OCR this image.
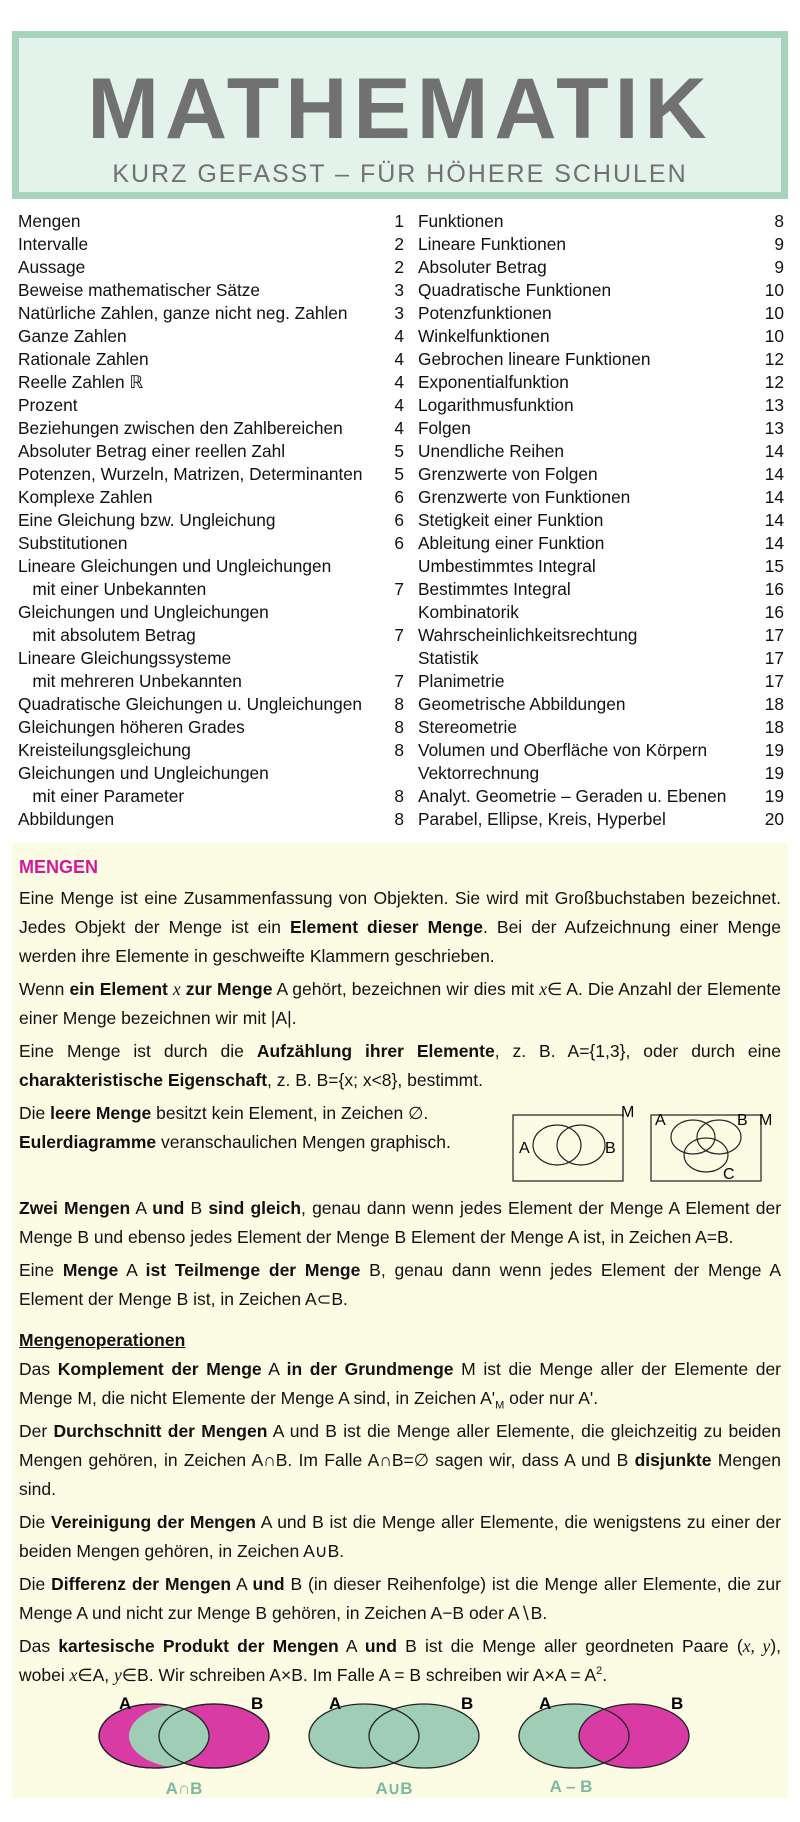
MATHEMATIK
KURZ GEFASST – FÜR HÖHERE SCHULEN
Mengen	1
Intervalle	2
Aussage	2
Beweise mathematischer Sätze	3
Natürliche Zahlen, ganze nicht neg. Zahlen	3
Ganze Zahlen	4
Rationale Zahlen	4
Reelle Zahlen ℝ	4
Prozent	4
Beziehungen zwischen den Zahlbereichen	4
Absoluter Betrag einer reellen Zahl	5
Potenzen, Wurzeln, Matrizen, Determinanten	5
Komplexe Zahlen	6
Eine Gleichung bzw. Ungleichung	6
Substitutionen	6
Lineare Gleichungen und Ungleichungen
mit einer Unbekannten	7
Gleichungen und Ungleichungen
mit absolutem Betrag	7
Lineare Gleichungssysteme
mit mehreren Unbekannten	7
Quadratische Gleichungen u. Ungleichungen	8
Gleichungen höheren Grades	8
Kreisteilungsgleichung	8
Gleichungen und Ungleichungen
mit einer Parameter	8
Abbildungen	8
Funktionen	8
Lineare Funktionen	9
Absoluter Betrag	9
Quadratische Funktionen	10
Potenzfunktionen	10
Winkelfunktionen	10
Gebrochen lineare Funktionen	12
Exponentialfunktion	12
Logarithmusfunktion	13
Folgen	13
Unendliche Reihen	14
Grenzwerte von Folgen	14
Grenzwerte von Funktionen	14
Stetigkeit einer Funktion	14
Ableitung einer Funktion	14
Umbestimmtes Integral	15
Bestimmtes Integral	16
Kombinatorik	16
Wahrscheinlichkeitsrechtung	17
Statistik	17
Planimetrie	17
Geometrische Abbildungen	18
Stereometrie	18
Volumen und Oberfläche von Körpern	19
Vektorrechnung	19
Analyt. Geometrie – Geraden u. Ebenen 19
Parabel, Ellipse, Kreis, Hyperbel	20
MENGEN

Eine Menge ist eine Zusammenfassung von Objekten. Sie wird mit Großbuchstaben bezeichnet. Jedes Objekt der Menge ist ein Element dieser Menge. Bei der Aufzeichnung einer Menge werden ihre Elemente in geschweifte Klammern geschrieben.

Wenn ein Element x zur Menge A gehört, bezeichnen wir dies mit x∈ A. Die Anzahl der Elemente einer Menge bezeichnen wir mit |A|.

Eine Menge ist durch die Aufzählung ihrer Elemente, z. B. A={1,3}, oder durch eine charakteristische Eigenschaft, z. B. B={x; x<8}, bestimmt.

Die leere Menge besitzt kein Element, in Zeichen ∅.
Eulerdiagramme veranschaulichen Mengen graphisch.	A	B
M A	B M
C

Zwei Mengen A und B sind gleich, genau dann wenn jedes Element der Menge A Element der Menge B und ebenso jedes Element der Menge B Element der Menge A ist, in Zeichen A=B.

Eine Menge A ist Teilmenge der Menge B, genau dann wenn jedes Element der Menge A Element der Menge B ist, in Zeichen A⊂B.

Mengenoperationen

Das Komplement der Menge A in der Grundmenge M ist die Menge aller der Elemente der Menge M, die nicht Elemente der Menge A sind, in Zeichen $A'_M$ oder nur A'.

Der Durchschnitt der Mengen A und B ist die Menge aller Elemente, die gleichzeitig zu beiden Mengen gehören, in Zeichen A∩B. Im Falle A∩B=∅ sagen wir, dass A und B disjunkte Mengen sind.

Die Vereinigung der Mengen A und B ist die Menge aller Elemente, die wenigstens zu einer der beiden Mengen gehören, in Zeichen A∪B.

Die Differenz der Mengen A und B (in dieser Reihenfolge) ist die Menge aller Elemente, die zur Menge A und nicht zur Menge B gehören, in Zeichen A−B oder A∖B.

Das kartesische Produkt der Mengen A und B ist die Menge aller geordneten Paare (x, y), wobei x∈A, y∈B. Wir schreiben A×B. Im Falle A = B schreiben wir $A\times A = A^2$.

A	B
A∩B
A	B
A∪B
A	B
A – B
